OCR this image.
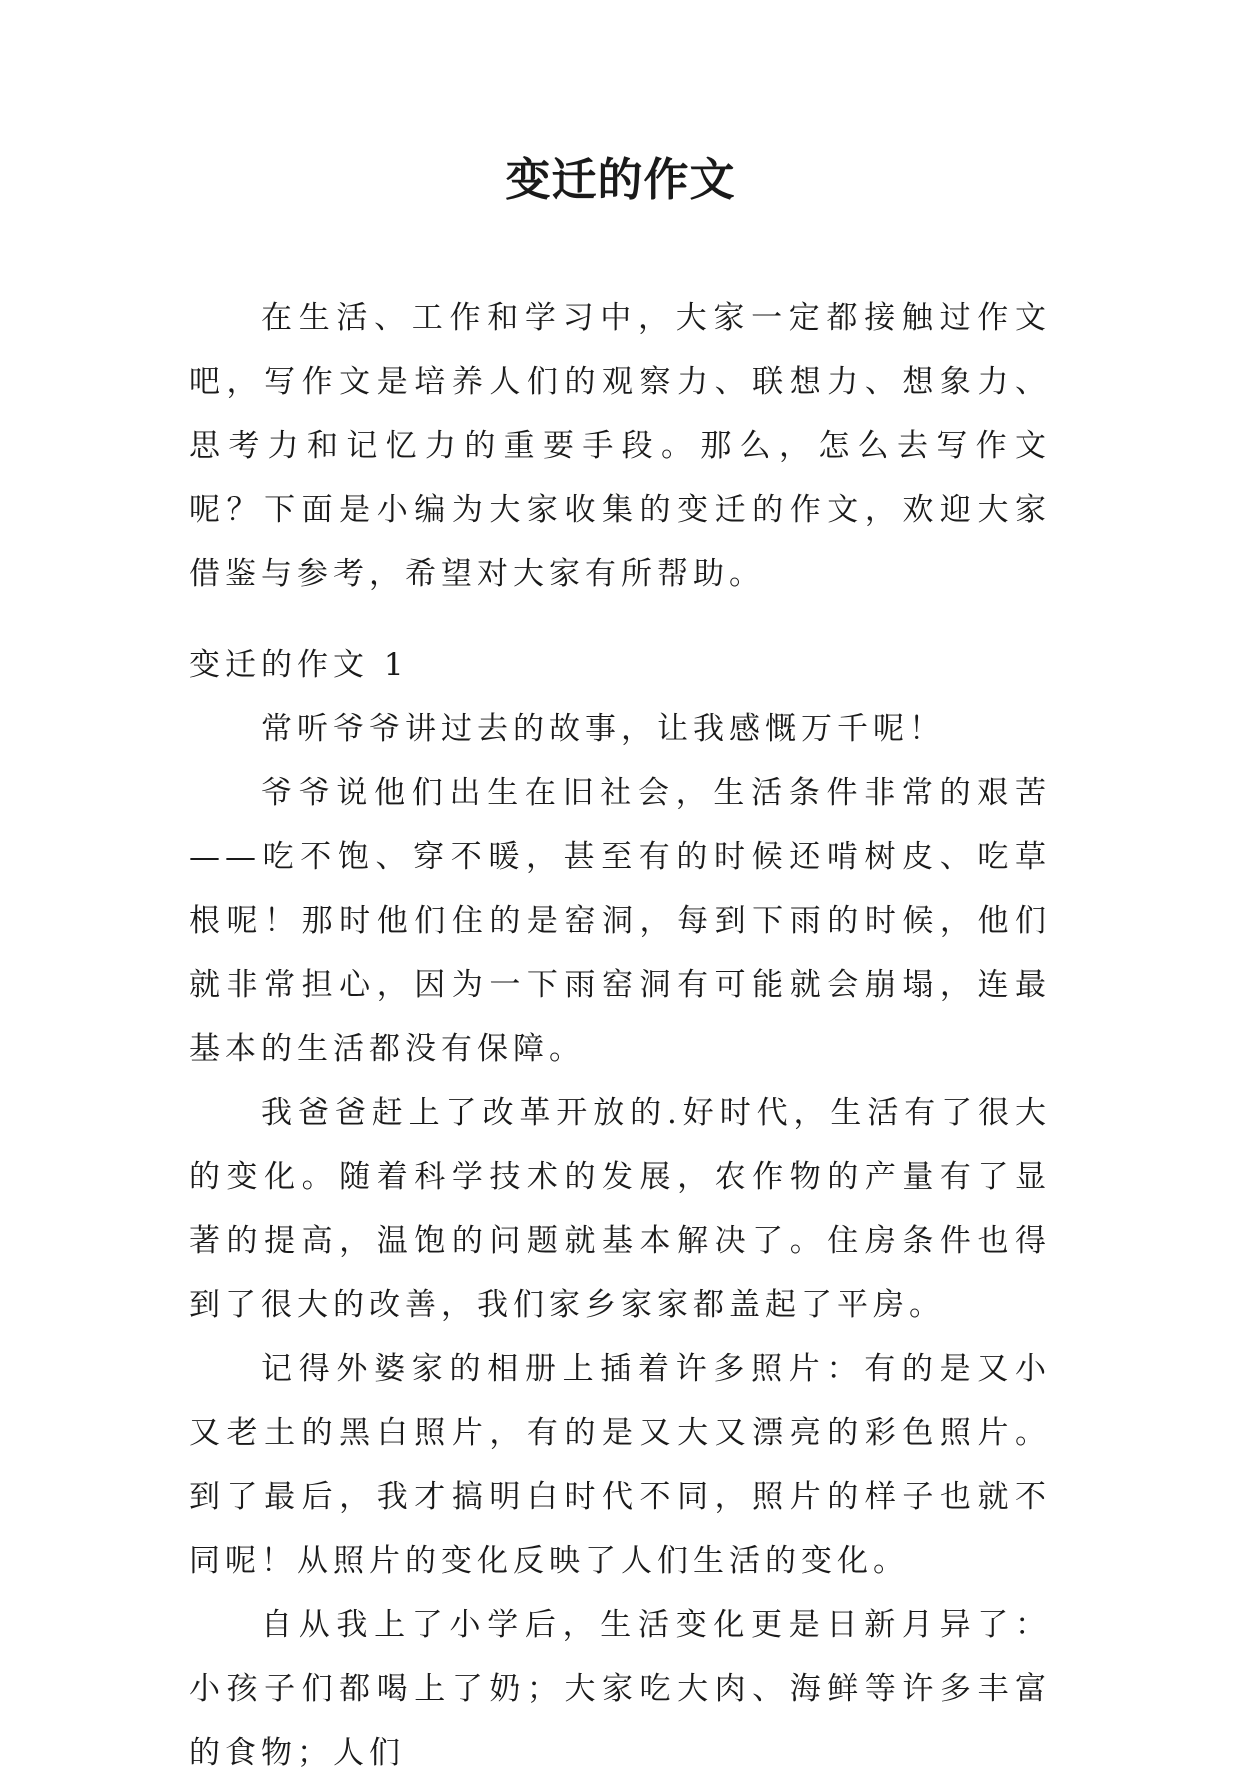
变迁的作文

在生活、工作和学习中，大家一定都接触过作文吧，写作文是培养人们的观察力、联想力、想象力、思考力和记忆力的重要手段。那么，怎么去写作文呢？下面是小编为大家收集的变迁的作文，欢迎大家借鉴与参考，希望对大家有所帮助。

变迁的作文 1

常听爷爷讲过去的故事，让我感慨万千呢！

爷爷说他们出生在旧社会，生活条件非常的艰苦——吃不饱、穿不暖，甚至有的时候还啃树皮、吃草根呢！那时他们住的是窑洞，每到下雨的时候，他们就非常担心，因为一下雨窑洞有可能就会崩塌，连最基本的生活都没有保障。

我爸爸赶上了改革开放的.好时代，生活有了很大的变化。随着科学技术的发展，农作物的产量有了显著的提高，温饱的问题就基本解决了。住房条件也得到了很大的改善，我们家乡家家都盖起了平房。

记得外婆家的相册上插着许多照片：有的是又小又老土的黑白照片，有的是又大又漂亮的彩色照片。到了最后，我才搞明白时代不同，照片的样子也就不同呢！从照片的变化反映了人们生活的变化。

自从我上了小学后，生活变化更是日新月异了：小孩子们都喝上了奶；大家吃大肉、海鲜等许多丰富的食物；人们
